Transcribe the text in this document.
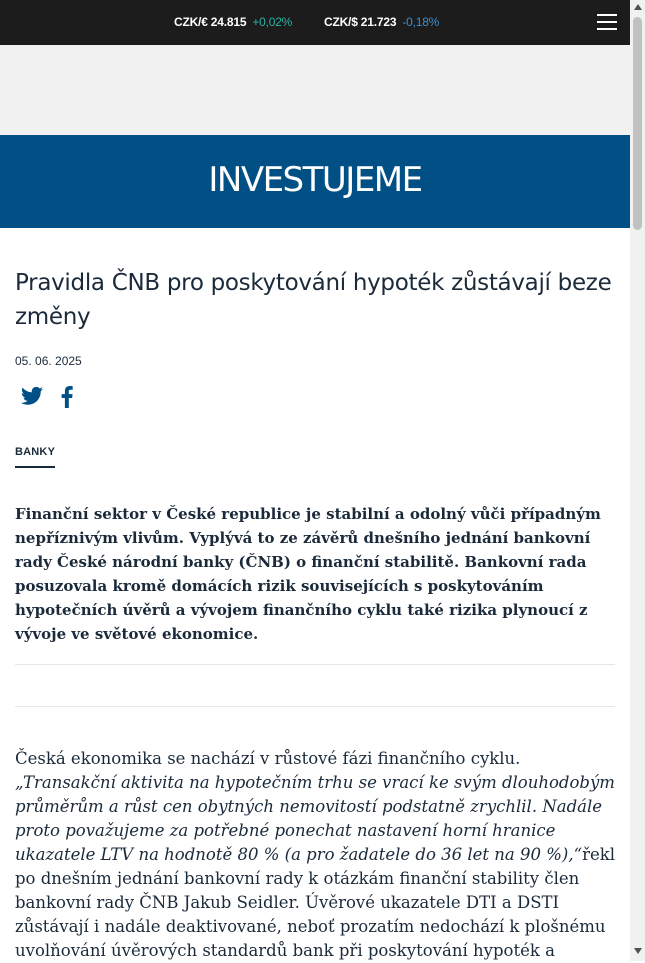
CZK/€ 24.815 +0,02%	CZK/$ 21.723 -0,18%
INVESTUJEME
Pravidla ČNB pro poskytování hypoték zůstávají beze změny
05. 06. 2025
BANKY
Finanční sektor v České republice je stabilní a odolný vůči případným nepříznivým vlivům. Vyplývá to ze závěrů dnešního jednání bankovní rady České národní banky (ČNB) o finanční stabilitě. Bankovní rada posuzovala kromě domácích rizik souvisejících s poskytováním hypotečních úvěrů a vývojem finančního cyklu také rizika plynoucí z vývoje ve světové ekonomice.
Česká ekonomika se nachází v růstové fázi finančního cyklu. „Transakční aktivita na hypotečním trhu se vrací ke svým dlouhodobým průměrům a růst cen obytných nemovitostí podstatně zrychlil. Nadále proto považujeme za potřebné ponechat nastavení horní hranice ukazatele LTV na hodnotě 80 % (a pro žadatele do 36 let na 90 %),“řekl po dnešním jednání bankovní rady k otázkám finanční stability člen bankovní rady ČNB Jakub Seidler. Úvěrové ukazatele DTI a DSTI zůstávají i nadále deaktivované, neboť prozatím nedochází k plošnému uvolňování úvěrových standardů bank při poskytování hypoték a
